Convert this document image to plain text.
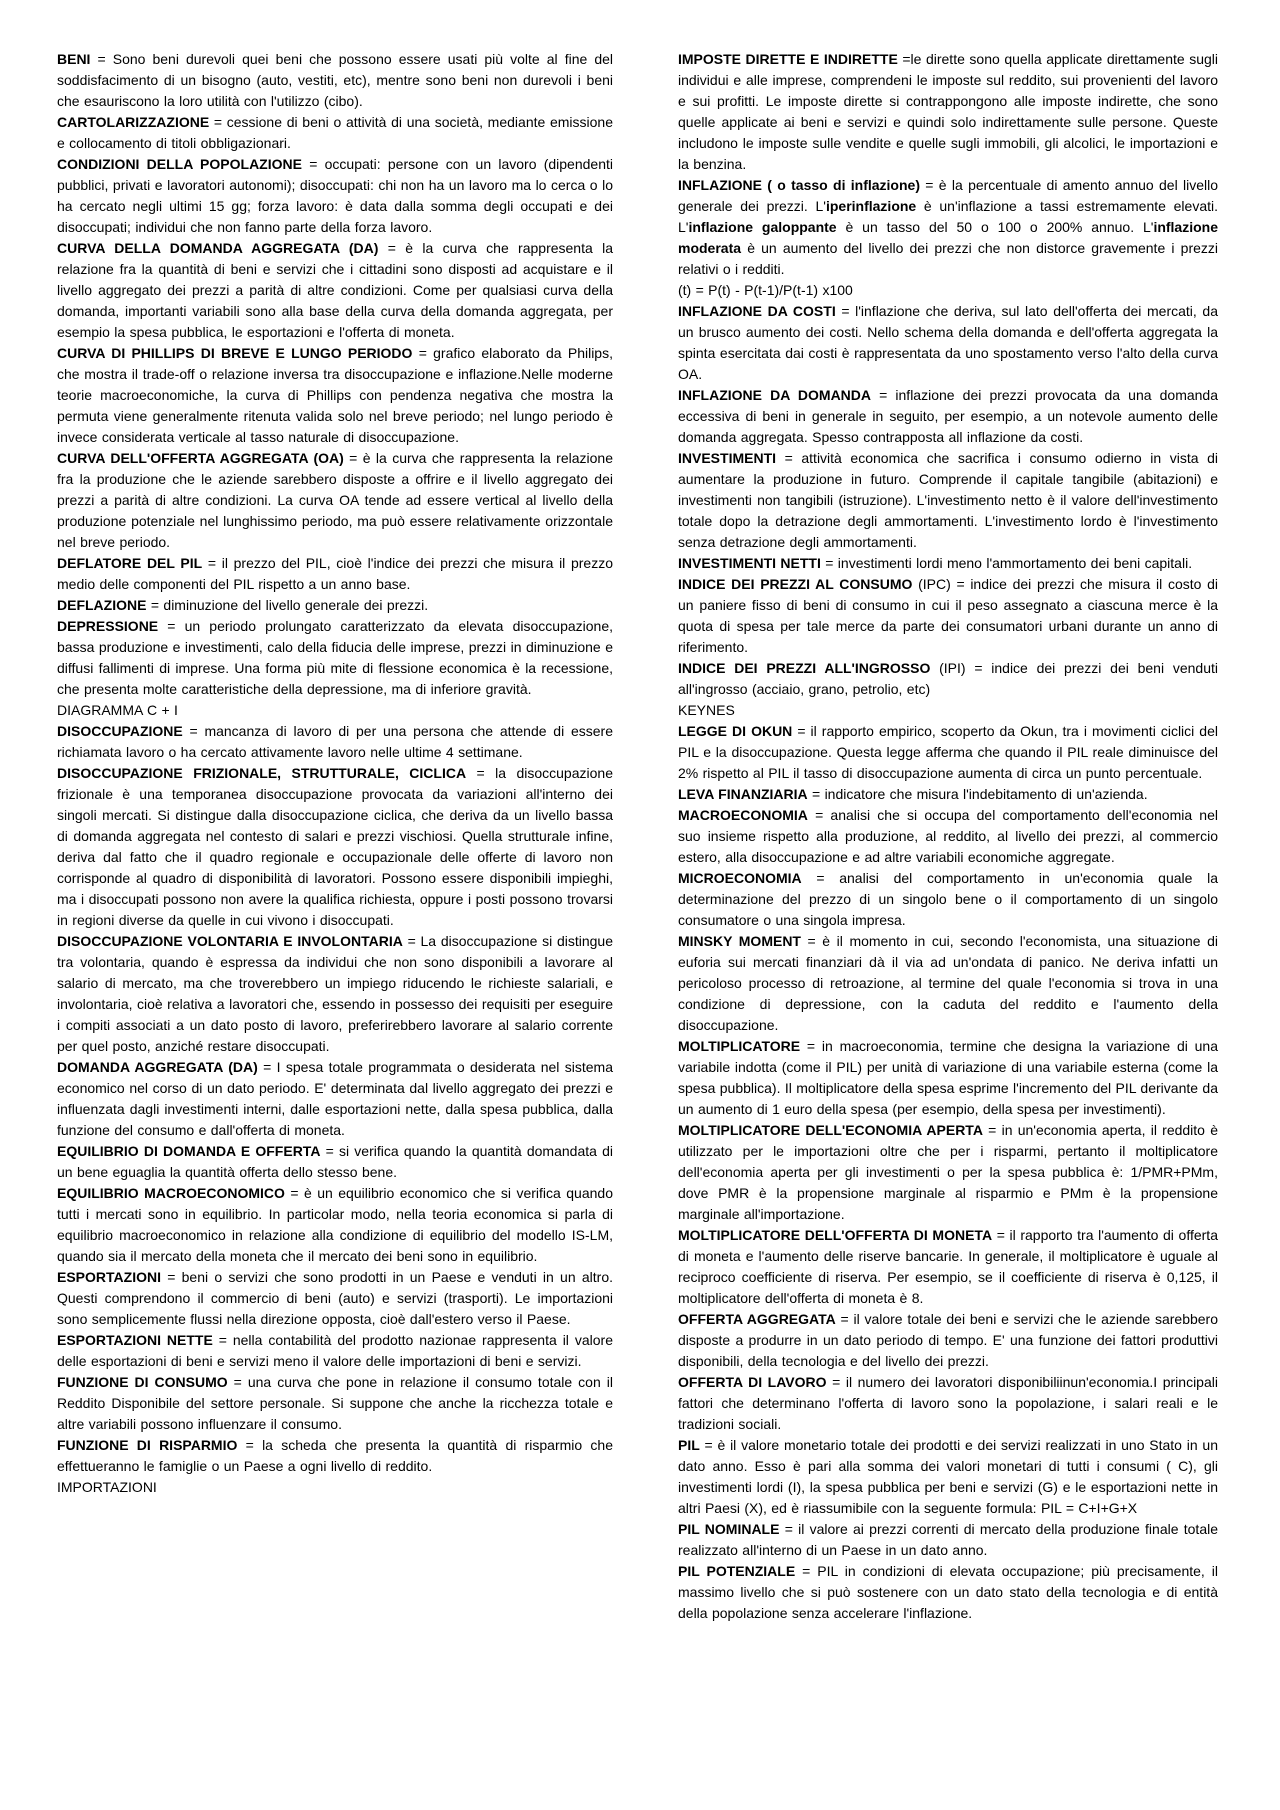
BENI = Sono beni durevoli quei beni che possono essere usati più volte al fine del soddisfacimento di un bisogno (auto, vestiti, etc), mentre sono beni non durevoli i beni che esauriscono la loro utilità con l'utilizzo (cibo).

CARTOLARIZZAZIONE = cessione di beni o attività di una società, mediante emissione e collocamento di titoli obbligazionari.

CONDIZIONI DELLA POPOLAZIONE = occupati: persone con un lavoro (dipendenti pubblici, privati e lavoratori autonomi); disoccupati: chi non ha un lavoro ma lo cerca o lo ha cercato negli ultimi 15 gg; forza lavoro: è data dalla somma degli occupati e dei disoccupati; individui che non fanno parte della forza lavoro.

CURVA DELLA DOMANDA AGGREGATA (DA) = è la curva che rappresenta la relazione fra la quantità di beni e servizi che i cittadini sono disposti ad acquistare e il livello aggregato dei prezzi a parità di altre condizioni. Come per qualsiasi curva della domanda, importanti variabili sono alla base della curva della domanda aggregata, per esempio la spesa pubblica, le esportazioni e l'offerta di moneta.

CURVA DI PHILLIPS DI BREVE E LUNGO PERIODO = grafico elaborato da Philips, che mostra il trade-off o relazione inversa tra disoccupazione e inflazione.Nelle moderne teorie macroeconomiche, la curva di Phillips con pendenza negativa che mostra la permuta viene generalmente ritenuta valida solo nel breve periodo; nel lungo periodo è invece considerata verticale al tasso naturale di disoccupazione.

CURVA DELL'OFFERTA AGGREGATA (OA) = è la curva che rappresenta la relazione fra la produzione che le aziende sarebbero disposte a offrire e il livello aggregato dei prezzi a parità di altre condizioni. La curva OA tende ad essere vertical al livello della produzione potenziale nel lunghissimo periodo, ma può essere relativamente orizzontale nel breve periodo.

DEFLATORE DEL PIL = il prezzo del PIL, cioè l'indice dei prezzi che misura il prezzo medio delle componenti del PIL rispetto a un anno base.

DEFLAZIONE = diminuzione del livello generale dei prezzi.

DEPRESSIONE = un periodo prolungato caratterizzato da elevata disoccupazione, bassa produzione e investimenti, calo della fiducia delle imprese, prezzi in diminuzione e diffusi fallimenti di imprese. Una forma più mite di flessione economica è la recessione, che presenta molte caratteristiche della depressione, ma di inferiore gravità.

DIAGRAMMA C + I

DISOCCUPAZIONE = mancanza di lavoro di per una persona che attende di essere richiamata lavoro o ha cercato attivamente lavoro nelle ultime 4 settimane.

DISOCCUPAZIONE FRIZIONALE, STRUTTURALE, CICLICA = la disoccupazione frizionale è una temporanea disoccupazione provocata da variazioni all'interno dei singoli mercati. Si distingue dalla disoccupazione ciclica, che deriva da un livello bassa di domanda aggregata nel contesto di salari e prezzi vischiosi. Quella strutturale infine, deriva dal fatto che il quadro regionale e occupazionale delle offerte di lavoro non corrisponde al quadro di disponibilità di lavoratori. Possono essere disponibili impieghi, ma i disoccupati possono non avere la qualifica richiesta, oppure i posti possono trovarsi in regioni diverse da quelle in cui vivono i disoccupati.

DISOCCUPAZIONE VOLONTARIA E INVOLONTARIA = La disoccupazione si distingue tra volontaria, quando è espressa da individui che non sono disponibili a lavorare al salario di mercato, ma che troverebbero un impiego riducendo le richieste salariali, e involontaria, cioè relativa a lavoratori che, essendo in possesso dei requisiti per eseguire i compiti associati a un dato posto di lavoro, preferirebbero lavorare al salario corrente per quel posto, anziché restare disoccupati.

DOMANDA AGGREGATA (DA) = I spesa totale programmata o desiderata nel sistema economico nel corso di un dato periodo. E' determinata dal livello aggregato dei prezzi e influenzata dagli investimenti interni, dalle esportazioni nette, dalla spesa pubblica, dalla funzione del consumo e dall'offerta di moneta.

EQUILIBRIO DI DOMANDA E OFFERTA = si verifica quando la quantità domandata di un bene eguaglia la quantità offerta dello stesso bene.

EQUILIBRIO MACROECONOMICO = è un equilibrio economico che si verifica quando tutti i mercati sono in equilibrio. In particolar modo, nella teoria economica si parla di equilibrio macroeconomico in relazione alla condizione di equilibrio del modello IS-LM, quando sia il mercato della moneta che il mercato dei beni sono in equilibrio.

ESPORTAZIONI = beni o servizi che sono prodotti in un Paese e venduti in un altro. Questi comprendono il commercio di beni (auto) e servizi (trasporti). Le importazioni sono semplicemente flussi nella direzione opposta, cioè dall'estero verso il Paese.

ESPORTAZIONI NETTE = nella contabilità del prodotto nazionae rappresenta il valore delle esportazioni di beni e servizi meno il valore delle importazioni di beni e servizi.

FUNZIONE DI CONSUMO = una curva che pone in relazione il consumo totale con il Reddito Disponibile del settore personale. Si suppone che anche la ricchezza totale e altre variabili possono influenzare il consumo.

FUNZIONE DI RISPARMIO = la scheda che presenta la quantità di risparmio che effettueranno le famiglie o un Paese a ogni livello di reddito.

IMPORTAZIONI

IMPOSTE DIRETTE E INDIRETTE =le dirette sono quella applicate direttamente sugli individui e alle imprese, comprendeni le imposte sul reddito, sui provenienti del lavoro e sui profitti. Le imposte dirette si contrappongono alle imposte indirette, che sono quelle applicate ai beni e servizi e quindi solo indirettamente sulle persone. Queste includono le imposte sulle vendite e quelle sugli immobili, gli alcolici, le importazioni e la benzina.

INFLAZIONE ( o tasso di inflazione) = è la percentuale di amento annuo del livello generale dei prezzi. L'iperinflazione è un'inflazione a tassi estremamente elevati. L'inflazione galoppante è un tasso del 50 o 100 o 200% annuo. L'inflazione moderata è un aumento del livello dei prezzi che non distorce gravemente i prezzi relativi o i redditi.

(t) = P(t) - P(t-1)/P(t-1) x100

INFLAZIONE DA COSTI = l'inflazione che deriva, sul lato dell'offerta dei mercati, da un brusco aumento dei costi. Nello schema della domanda e dell'offerta aggregata la spinta esercitata dai costi è rappresentata da uno spostamento verso l'alto della curva OA.

INFLAZIONE DA DOMANDA = inflazione dei prezzi provocata da una domanda eccessiva di beni in generale in seguito, per esempio, a un notevole aumento delle domanda aggregata. Spesso contrapposta all inflazione da costi.

INVESTIMENTI = attività economica che sacrifica i consumo odierno in vista di aumentare la produzione in futuro. Comprende il capitale tangibile (abitazioni) e investimenti non tangibili (istruzione). L'investimento netto è il valore dell'investimento totale dopo la detrazione degli ammortamenti. L'investimento lordo è l'investimento senza detrazione degli ammortamenti.

INVESTIMENTI NETTI = investimenti lordi meno l'ammortamento dei beni capitali.

INDICE DEI PREZZI AL CONSUMO (IPC) = indice dei prezzi che misura il costo di un paniere fisso di beni di consumo in cui il peso assegnato a ciascuna merce è la quota di spesa per tale merce da parte dei consumatori urbani durante un anno di riferimento.

INDICE DEI PREZZI ALL'INGROSSO (IPI) = indice dei prezzi dei beni venduti all'ingrosso (acciaio, grano, petrolio, etc)

KEYNES

LEGGE DI OKUN = il rapporto empirico, scoperto da Okun, tra i movimenti ciclici del PIL e la disoccupazione. Questa legge afferma che quando il PIL reale diminuisce del 2% rispetto al PIL il tasso di disoccupazione aumenta di circa un punto percentuale.

LEVA FINANZIARIA = indicatore che misura l'indebitamento di un'azienda.

MACROECONOMIA = analisi che si occupa del comportamento dell'economia nel suo insieme rispetto alla produzione, al reddito, al livello dei prezzi, al commercio estero, alla disoccupazione e ad altre variabili economiche aggregate.

MICROECONOMIA = analisi del comportamento in un'economia quale la determinazione del prezzo di un singolo bene o il comportamento di un singolo consumatore o una singola impresa.

MINSKY MOMENT = è il momento in cui, secondo l'economista, una situazione di euforia sui mercati finanziari dà il via ad un'ondata di panico. Ne deriva infatti un pericoloso processo di retroazione, al termine del quale l'economia si trova in una condizione di depressione, con la caduta del reddito e l'aumento della disoccupazione.

MOLTIPLICATORE = in macroeconomia, termine che designa la variazione di una variabile indotta (come il PIL) per unità di variazione di una variabile esterna (come la spesa pubblica). Il moltiplicatore della spesa esprime l'incremento del PIL derivante da un aumento di 1 euro della spesa (per esempio, della spesa per investimenti).

MOLTIPLICATORE DELL'ECONOMIA APERTA = in un'economia aperta, il reddito è utilizzato per le importazioni oltre che per i risparmi, pertanto il moltiplicatore dell'economia aperta per gli investimenti o per la spesa pubblica è: 1/PMR+PMm, dove PMR è la propensione marginale al risparmio e PMm è la propensione marginale all'importazione.

MOLTIPLICATORE DELL'OFFERTA DI MONETA = il rapporto tra l'aumento di offerta di moneta e l'aumento delle riserve bancarie. In generale, il moltiplicatore è uguale al reciproco coefficiente di riserva. Per esempio, se il coefficiente di riserva è 0,125, il moltiplicatore dell'offerta di moneta è 8.

OFFERTA AGGREGATA = il valore totale dei beni e servizi che le aziende sarebbero disposte a produrre in un dato periodo di tempo. E' una funzione dei fattori produttivi disponibili, della tecnologia e del livello dei prezzi.

OFFERTA DI LAVORO = il numero dei lavoratori disponibiliinun'economia.I principali fattori che determinano l'offerta di lavoro sono la popolazione, i salari reali e le tradizioni sociali.

PIL = è il valore monetario totale dei prodotti e dei servizi realizzati in uno Stato in un dato anno. Esso è pari alla somma dei valori monetari di tutti i consumi ( C), gli investimenti lordi (I), la spesa pubblica per beni e servizi (G) e le esportazioni nette in altri Paesi (X), ed è riassumibile con la seguente formula: PIL = C+I+G+X

PIL NOMINALE = il valore ai prezzi correnti di mercato della produzione finale totale realizzato all'interno di un Paese in un dato anno.

PIL POTENZIALE = PIL in condizioni di elevata occupazione; più precisamente, il massimo livello che si può sostenere con un dato stato della tecnologia e di entità della popolazione senza accelerare l'inflazione.
